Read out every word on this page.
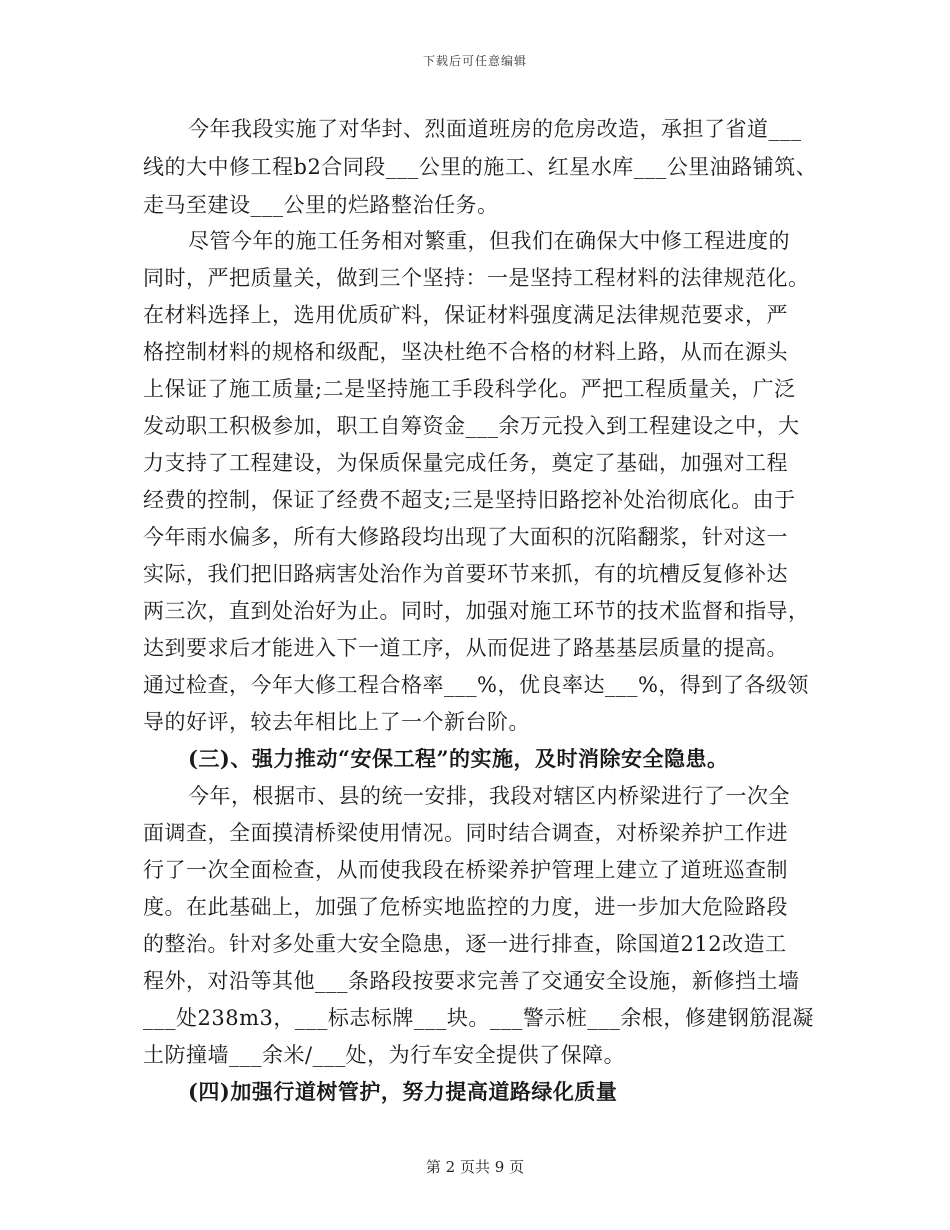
下载后可任意编辑
今年我段实施了对华封、烈面道班房的危房改造，承担了省道___
线的大中修工程b2合同段___公里的施工、红星水库___公里油路铺筑、
走马至建设___公里的烂路整治任务。
尽管今年的施工任务相对繁重，但我们在确保大中修工程进度的
同时，严把质量关，做到三个坚持：一是坚持工程材料的法律规范化。
在材料选择上，选用优质矿料，保证材料强度满足法律规范要求，严
格控制材料的规格和级配，坚决杜绝不合格的材料上路，从而在源头
上保证了施工质量;二是坚持施工手段科学化。严把工程质量关，广泛
发动职工积极参加，职工自筹资金___余万元投入到工程建设之中，大
力支持了工程建设，为保质保量完成任务，奠定了基础，加强对工程
经费的控制，保证了经费不超支;三是坚持旧路挖补处治彻底化。由于
今年雨水偏多，所有大修路段均出现了大面积的沉陷翻浆，针对这一
实际，我们把旧路病害处治作为首要环节来抓，有的坑槽反复修补达
两三次，直到处治好为止。同时，加强对施工环节的技术监督和指导，
达到要求后才能进入下一道工序，从而促进了路基基层质量的提高。
通过检查，今年大修工程合格率___%，优良率达___%，得到了各级领
导的好评，较去年相比上了一个新台阶。
(三)、强力推动“安保工程”的实施，及时消除安全隐患。
今年，根据市、县的统一安排，我段对辖区内桥梁进行了一次全
面调查，全面摸清桥梁使用情况。同时结合调查，对桥梁养护工作进
行了一次全面检查，从而使我段在桥梁养护管理上建立了道班巡查制
度。在此基础上，加强了危桥实地监控的力度，进一步加大危险路段
的整治。针对多处重大安全隐患，逐一进行排查，除国道212改造工
程外，对沿等其他___条路段按要求完善了交通安全设施，新修挡土墙
___处238m3，___标志标牌___块。___警示桩___余根，修建钢筋混凝
土防撞墙___余米/___处，为行车安全提供了保障。
(四)加强行道树管护，努力提高道路绿化质量
第 2 页共 9 页
